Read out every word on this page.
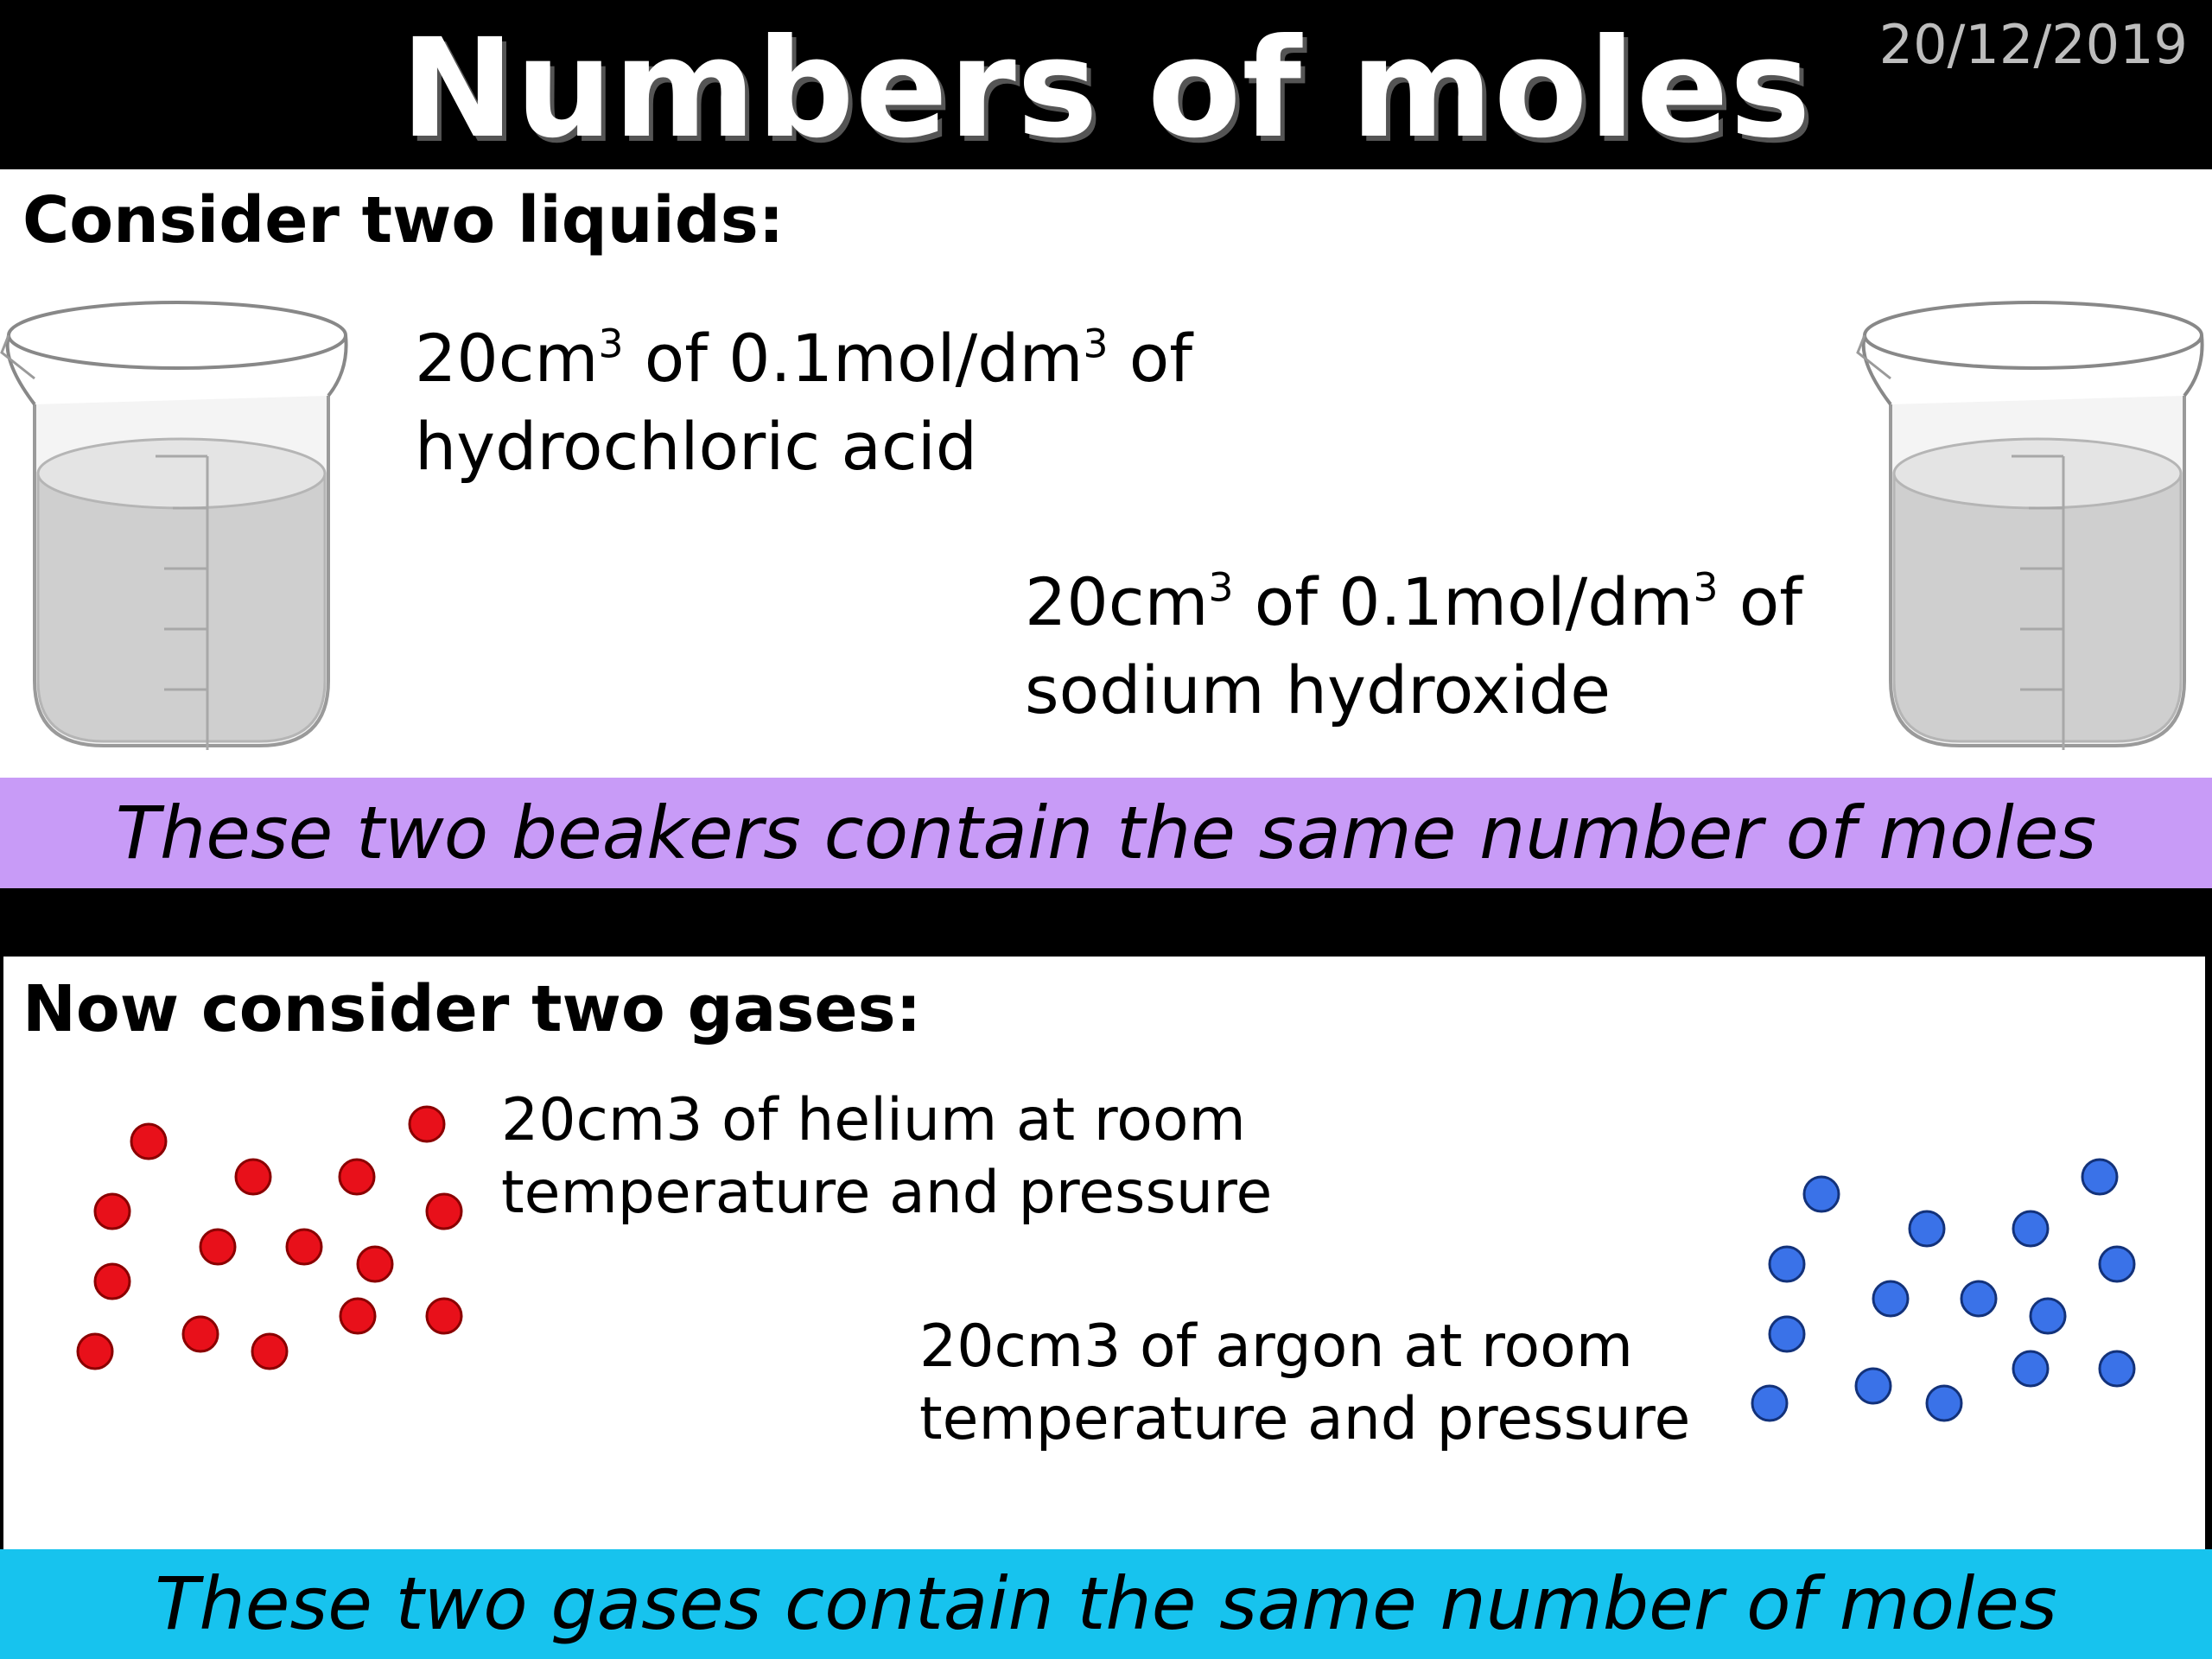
Numbers of moles	20/12/2019
Consider two liquids:
$20cm^3$ of $0.1mol/dm^3$ of
hydrochloric acid
$20cm^3$ of $0.1mol/dm^3$ of
sodium hydroxide
These two beakers contain the same number of moles
Now consider two gases:
20cm3 of helium at room
temperature and pressure
20cm3 of argon at room
temperature and pressure
These two gases contain the same number of moles
